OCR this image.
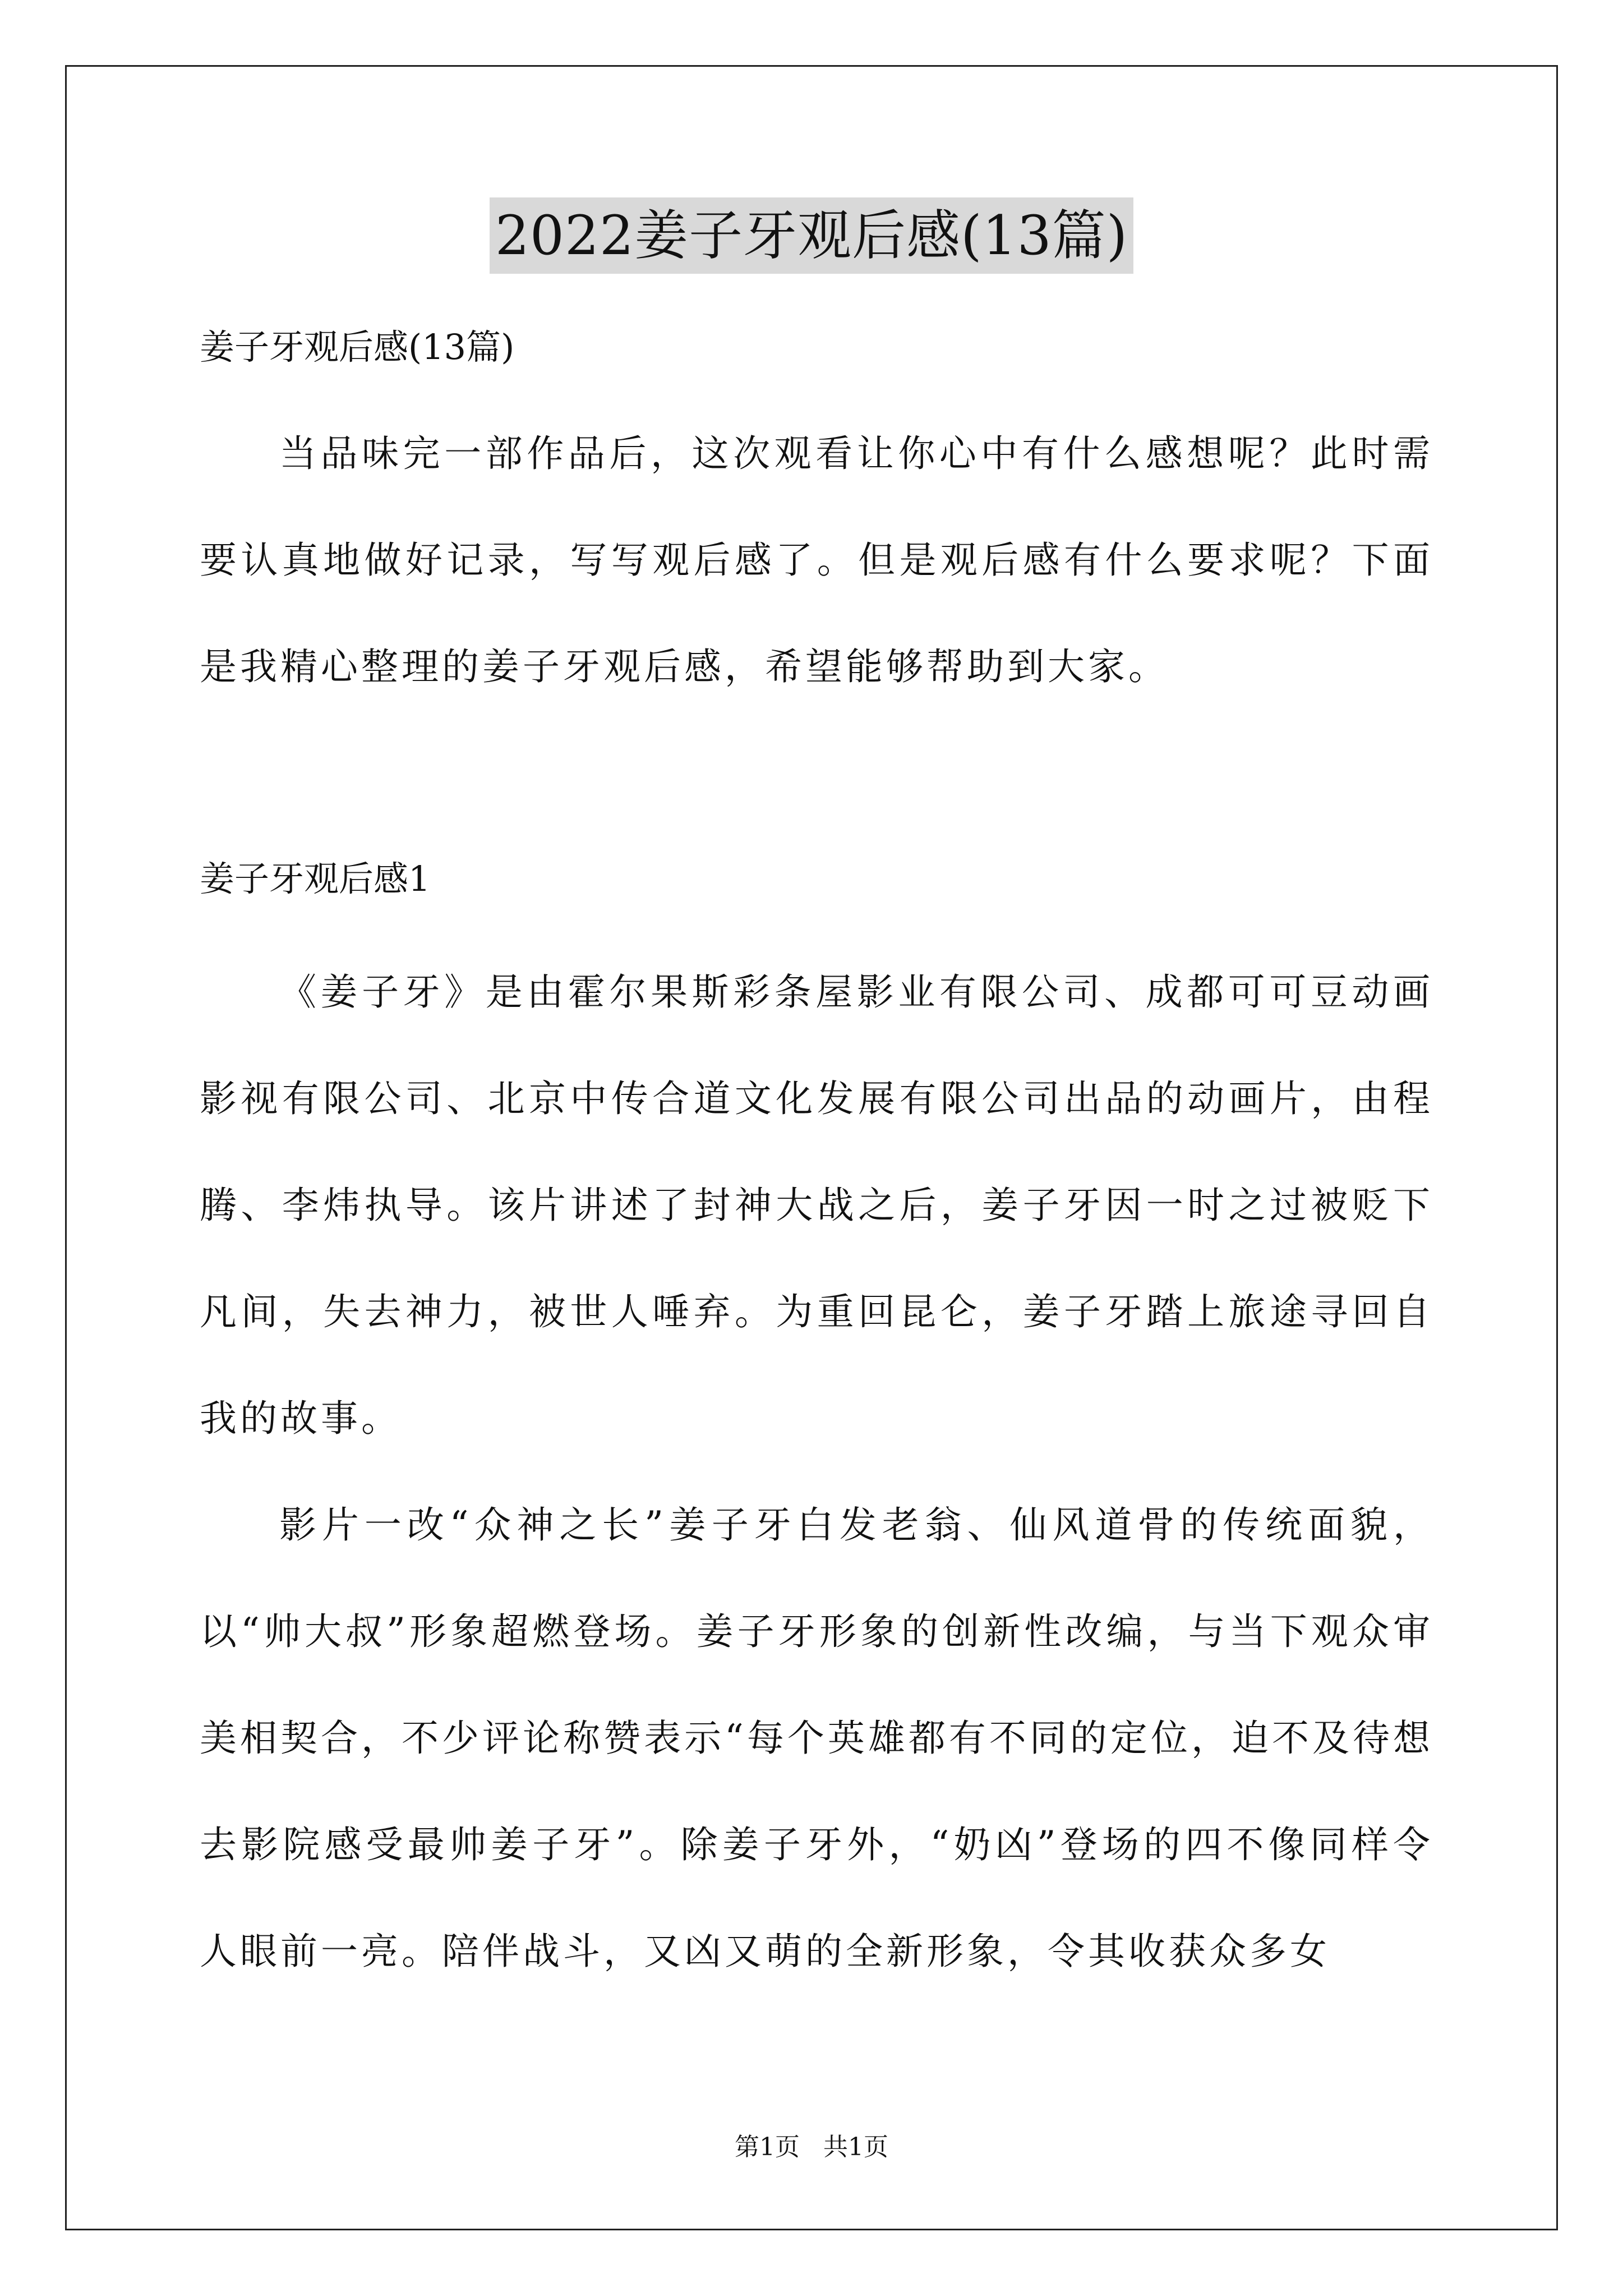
2022姜子牙观后感(13篇)
姜子牙观后感(13篇)

当品味完一部作品后，这次观看让你心中有什么感想呢？此时需要认真地做好记录，写写观后感了。但是观后感有什么要求呢？下面是我精心整理的姜子牙观后感，希望能够帮助到大家。

姜子牙观后感1

《姜子牙》是由霍尔果斯彩条屋影业有限公司、成都可可豆动画影视有限公司、北京中传合道文化发展有限公司出品的动画片，由程腾、李炜执导。该片讲述了封神大战之后，姜子牙因一时之过被贬下凡间，失去神力，被世人唾弃。为重回昆仑，姜子牙踏上旅途寻回自我的故事。

影片一改“众神之长”姜子牙白发老翁、仙风道骨的传统面貌，以“帅大叔”形象超燃登场。姜子牙形象的创新性改编，与当下观众审美相契合，不少评论称赞表示“每个英雄都有不同的定位，迫不及待想去影院感受最帅姜子牙”。除姜子牙外，“奶凶”登场的四不像同样令人眼前一亮。陪伴战斗，又凶又萌的全新形象，令其收获众多女

第1页 共1页
